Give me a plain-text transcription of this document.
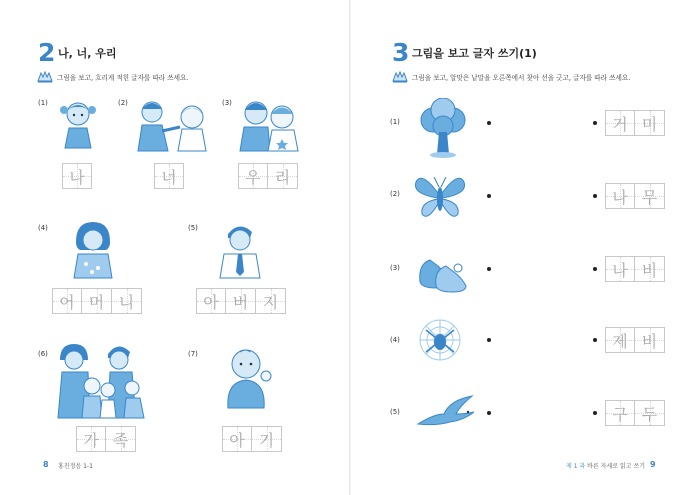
2 나, 너, 우리
그림을 보고, 흐리게 적힌 글자를 따라 쓰세요.
(1)
나
(2)
너
(3)
우 리
(4)
어 머 니
(5)
아 버 지
(6)
가 족
(7)
아 기
8 홍진정음 1-1
3 그림을 보고 글자 쓰기(1)
그림을 보고, 알맞은 낱말을 오른쪽에서 찾아 선을 긋고, 글자를 따라 쓰세요.
(1)	거 미
(2)	나 무
(3)	나 비
(4)	제 비
(5)	구 두
제 1 과 바른 자세로 읽고 쓰기 9
